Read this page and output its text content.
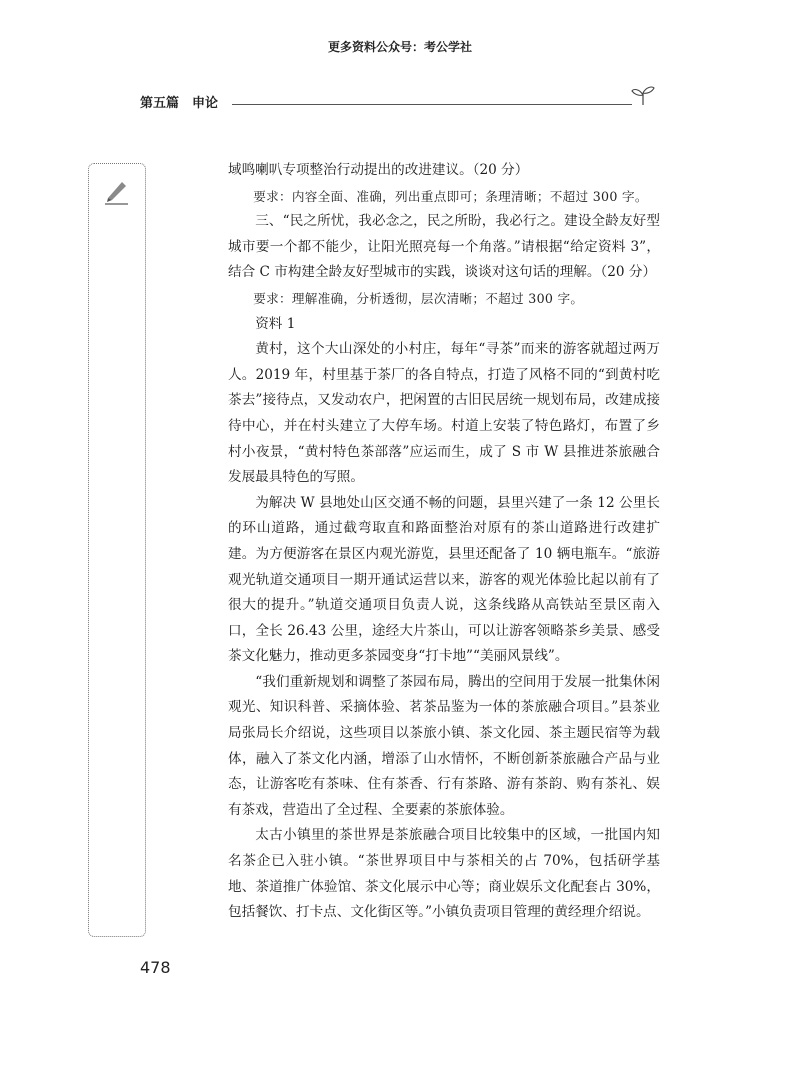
更多资料公众号：考公学社
第五篇　申论

域鸣喇叭专项整治行动提出的改进建议。（20 分）

要求：内容全面、准确，列出重点即可；条理清晰；不超过 300 字。

三、“民之所忧，我必念之，民之所盼，我必行之。建设全龄友好型城市要一个都不能少，让阳光照亮每一个角落。”请根据“给定资料 3”，结合 C 市构建全龄友好型城市的实践，谈谈对这句话的理解。（20 分）

要求：理解准确，分析透彻，层次清晰；不超过 300 字。

资料 1

黄村，这个大山深处的小村庄，每年“寻茶”而来的游客就超过两万人。2019 年，村里基于茶厂的各自特点，打造了风格不同的“到黄村吃茶去”接待点，又发动农户，把闲置的古旧民居统一规划布局，改建成接待中心，并在村头建立了大停车场。村道上安装了特色路灯，布置了乡村小夜景，“黄村特色茶部落”应运而生，成了 S 市 W 县推进茶旅融合发展最具特色的写照。

为解决 W 县地处山区交通不畅的问题，县里兴建了一条 12 公里长的环山道路，通过截弯取直和路面整治对原有的茶山道路进行改建扩建。为方便游客在景区内观光游览，县里还配备了 10 辆电瓶车。“旅游观光轨道交通项目一期开通试运营以来，游客的观光体验比起以前有了很大的提升。”轨道交通项目负责人说，这条线路从高铁站至景区南入口，全长 26.43 公里，途经大片茶山，可以让游客领略茶乡美景、感受茶文化魅力，推动更多茶园变身“打卡地”“美丽风景线”。

“我们重新规划和调整了茶园布局，腾出的空间用于发展一批集休闲观光、知识科普、采摘体验、茗茶品鉴为一体的茶旅融合项目。”县茶业局张局长介绍说，这些项目以茶旅小镇、茶文化园、茶主题民宿等为载体，融入了茶文化内涵，增添了山水情怀，不断创新茶旅融合产品与业态，让游客吃有茶味、住有茶香、行有茶路、游有茶韵、购有茶礼、娱有茶戏，营造出了全过程、全要素的茶旅体验。

太古小镇里的茶世界是茶旅融合项目比较集中的区域，一批国内知名茶企已入驻小镇。“茶世界项目中与茶相关的占 70%，包括研学基地、茶道推广体验馆、茶文化展示中心等；商业娱乐文化配套占 30%，包括餐饮、打卡点、文化街区等。”小镇负责项目管理的黄经理介绍说。

478
